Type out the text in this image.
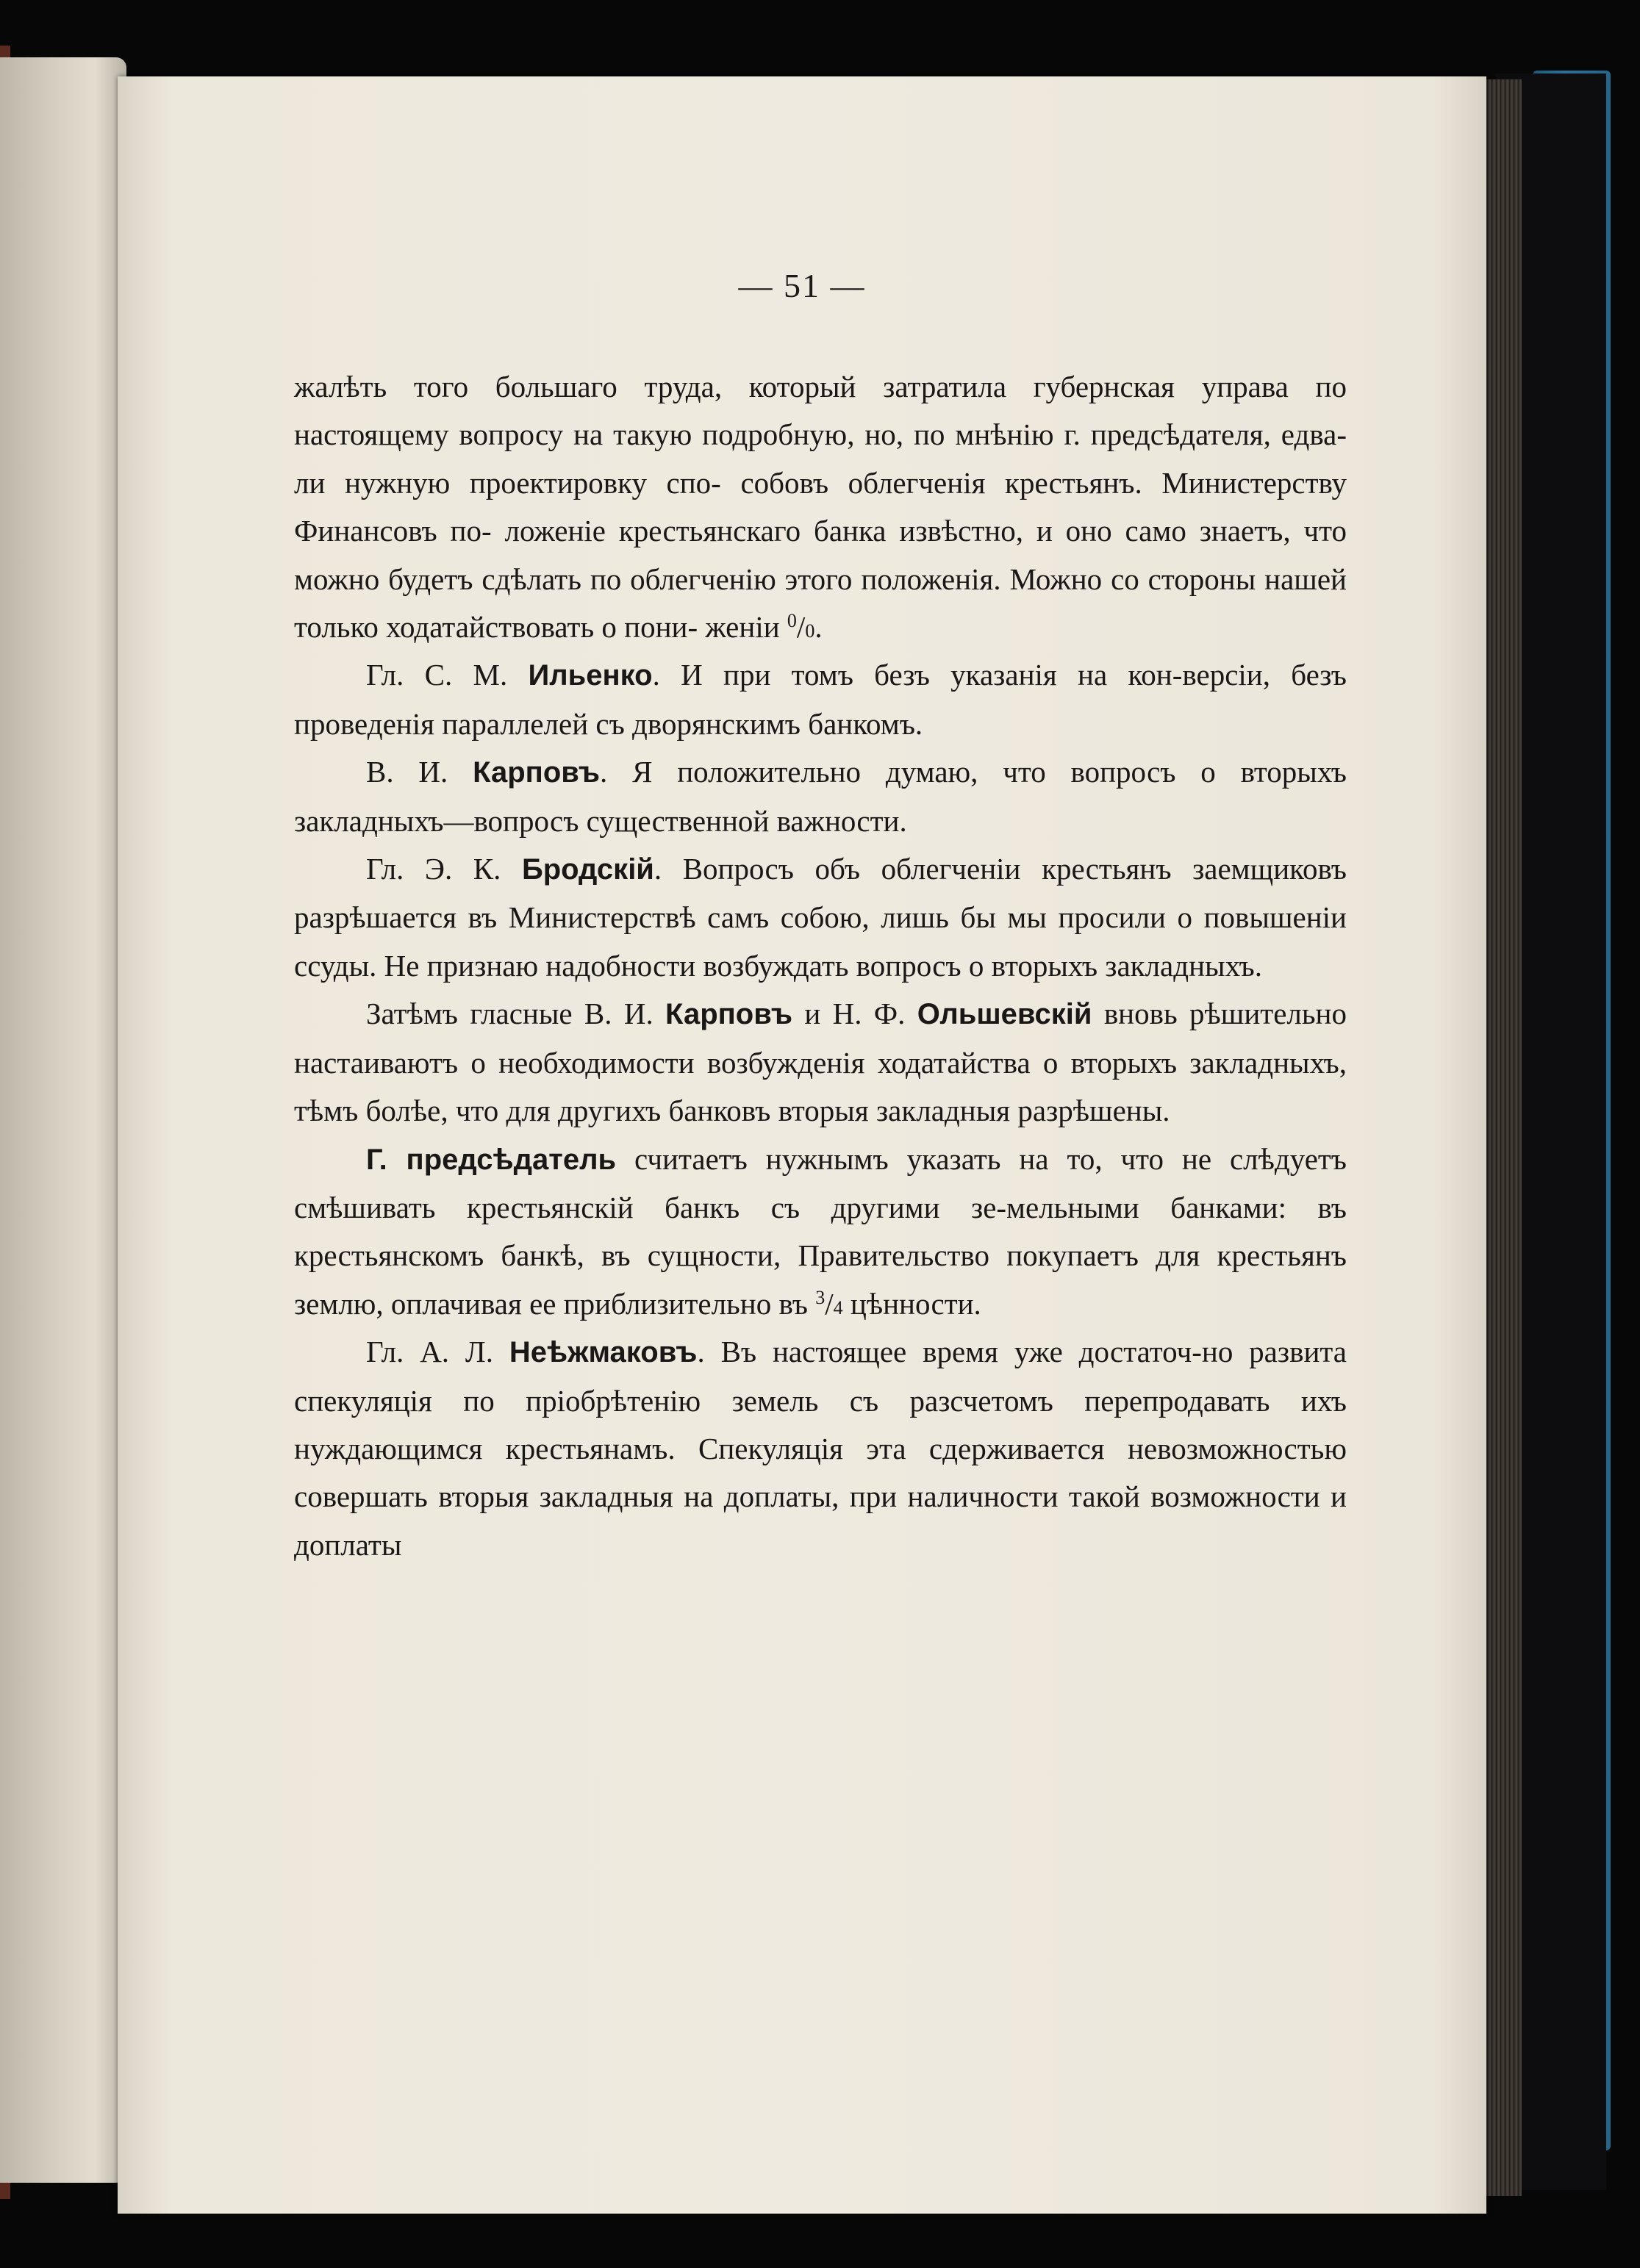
— 51 —

жалѣть того большаго труда, который затратила губернская управа по настоящему вопросу на такую подробную, но, по мнѣнію г. предсѣдателя, едва-ли нужную проектировку спо- собовъ облегченія крестьянъ. Министерству Финансовъ по- ложеніе крестьянскаго банка извѣстно, и оно само знаетъ, что можно будетъ сдѣлать по облегченію этого положенія. Можно со стороны нашей только ходатайствовать о пони- женіи $^0$/0.

Гл. С. М. Ильенко. И при томъ безъ указанія на кон-версіи, безъ проведенія параллелей съ дворянскимъ банкомъ.

В. И. Карповъ. Я положительно думаю, что вопросъ о вторыхъ закладныхъ—вопросъ существенной важности.

Гл. Э. К. Бродскій. Вопросъ объ облегченіи крестьянъ заемщиковъ разрѣшается въ Министерствѣ самъ собою, лишь бы мы просили о повышеніи ссуды. Не признаю надобности возбуждать вопросъ о вторыхъ закладныхъ.

Затѣмъ гласные В. И. Карповъ и Н. Ф. Ольшевскій вновь рѣшительно настаиваютъ о необходимости возбужденія ходатайства о вторыхъ закладныхъ, тѣмъ болѣе, что для другихъ банковъ вторыя закладныя разрѣшены.

Г. предсѣдатель считаетъ нужнымъ указать на то, что не слѣдуетъ смѣшивать крестьянскій банкъ съ другими зе-мельными банками: въ крестьянскомъ банкѣ, въ сущности, Правительство покупаетъ для крестьянъ землю, оплачивая ее приблизительно въ $^3$/4 цѣнности.

Гл. А. Л. Неѣжмаковъ. Въ настоящее время уже достаточ-но развита спекуляція по пріобрѣтенію земель съ разсчетомъ перепродавать ихъ нуждающимся крестьянамъ. Спекуляція эта сдерживается невозможностью совершать вторыя закладныя на доплаты, при наличности такой возможности и доплаты
